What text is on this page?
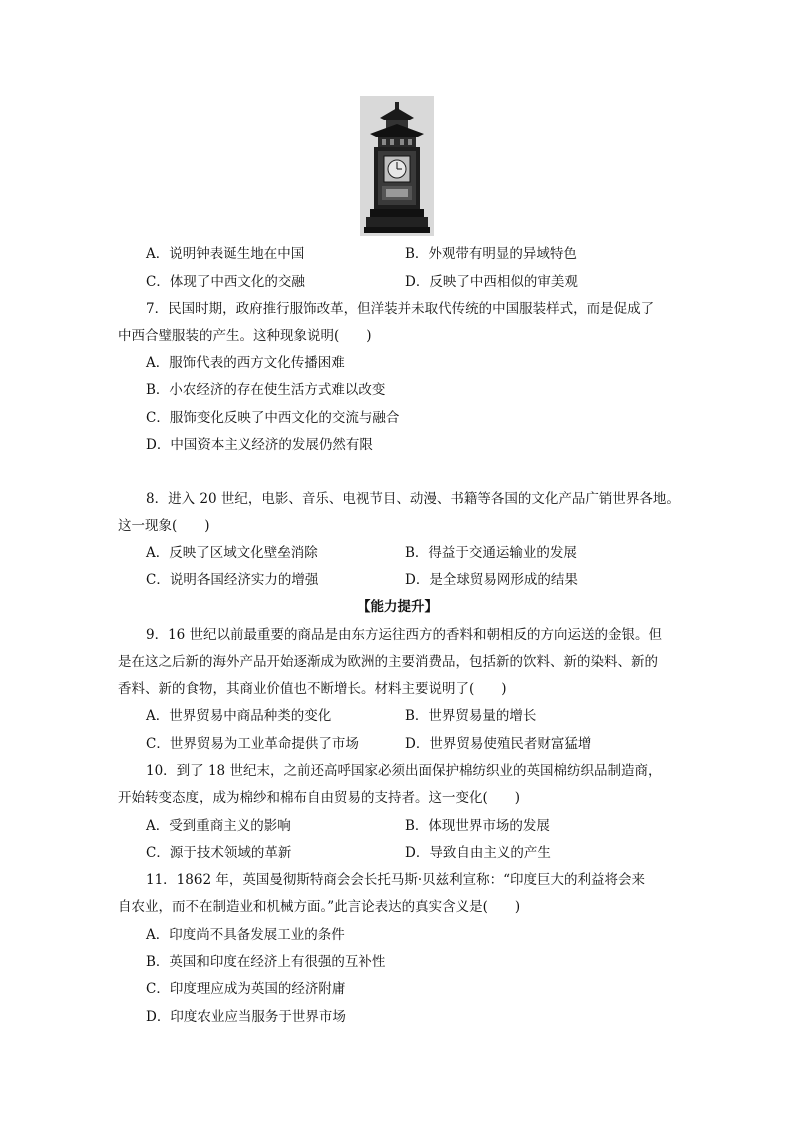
A．说明钟表诞生地在中国	B．外观带有明显的异域特色
C．体现了中西文化的交融	D．反映了中西相似的审美观
7．民国时期，政府推行服饰改革，但洋装并未取代传统的中国服装样式，而是促成了
中西合璧服装的产生。这种现象说明(　　)
A．服饰代表的西方文化传播困难
B．小农经济的存在使生活方式难以改变
C．服饰变化反映了中西文化的交流与融合
D．中国资本主义经济的发展仍然有限
8．进入 20 世纪，电影、音乐、电视节目、动漫、书籍等各国的文化产品广销世界各地。
这一现象(　　)
A．反映了区域文化壁垒消除	B．得益于交通运输业的发展
C．说明各国经济实力的增强	D．是全球贸易网形成的结果
【能力提升】
9．16 世纪以前最重要的商品是由东方运往西方的香料和朝相反的方向运送的金银。但
是在这之后新的海外产品开始逐渐成为欧洲的主要消费品，包括新的饮料、新的染料、新的
香料、新的食物，其商业价值也不断增长。材料主要说明了(　　)
A．世界贸易中商品种类的变化	B．世界贸易量的增长
C．世界贸易为工业革命提供了市场	D．世界贸易使殖民者财富猛增
10．到了 18 世纪末，之前还高呼国家必须出面保护棉纺织业的英国棉纺织品制造商，
开始转变态度，成为棉纱和棉布自由贸易的支持者。这一变化(　　)
A．受到重商主义的影响	B．体现世界市场的发展
C．源于技术领域的革新	D．导致自由主义的产生
11．1862 年，英国曼彻斯特商会会长托马斯·贝兹利宣称：“印度巨大的利益将会来
自农业，而不在制造业和机械方面。”此言论表达的真实含义是(　　)
A．印度尚不具备发展工业的条件
B．英国和印度在经济上有很强的互补性
C．印度理应成为英国的经济附庸
D．印度农业应当服务于世界市场
